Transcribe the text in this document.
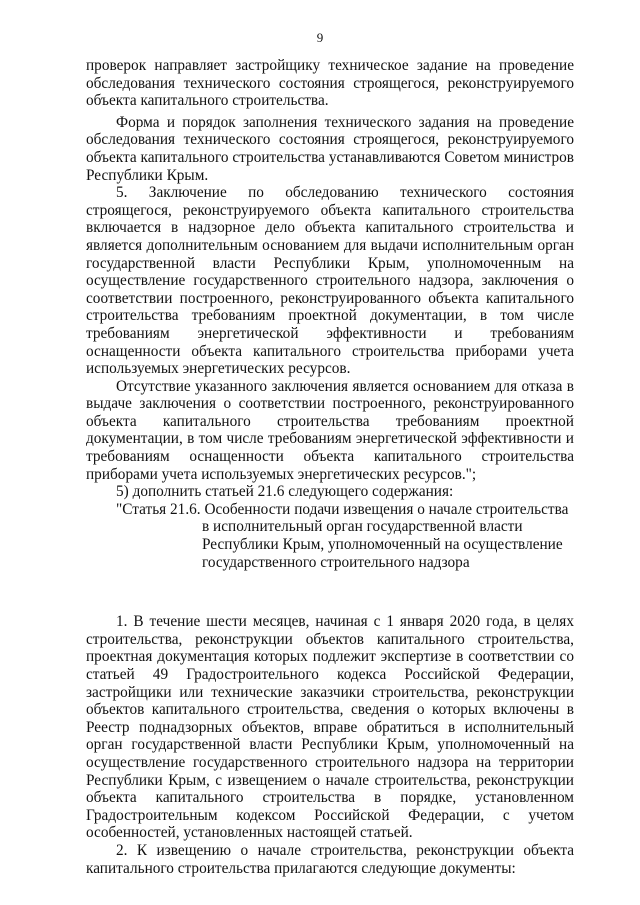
9

проверок направляет застройщику техническое задание на проведение обследования технического состояния строящегося, реконструируемого объекта капитального строительства.

Форма и порядок заполнения технического задания на проведение обследования технического состояния строящегося, реконструируемого объекта капитального строительства устанавливаются Советом министров Республики Крым.

5. Заключение по обследованию технического состояния строящегося, реконструируемого объекта капитального строительства включается в надзорное дело объекта капитального строительства и является дополнительным основанием для выдачи исполнительным орган государственной власти Республики Крым, уполномоченным на осуществление государственного строительного надзора, заключения о соответствии построенного, реконструированного объекта капитального строительства требованиям проектной документации, в том числе требованиям энергетической эффективности и требованиям оснащенности объекта капитального строительства приборами учета используемых энергетических ресурсов.

Отсутствие указанного заключения является основанием для отказа в выдаче заключения о соответствии построенного, реконструированного объекта капитального строительства требованиям проектной документации, в том числе требованиям энергетической эффективности и требованиям оснащенности объекта капитального строительства приборами учета используемых энергетических ресурсов.";

5) дополнить статьей 21.6 следующего содержания:

"Статья 21.6. Особенности подачи извещения о начале строительства
в исполнительный орган государственной власти
Республики Крым, уполномоченный на осуществление
государственного строительного надзора

1. В течение шести месяцев, начиная с 1 января 2020 года, в целях строительства, реконструкции объектов капитального строительства, проектная документация которых подлежит экспертизе в соответствии со статьей 49 Градостроительного кодекса Российской Федерации, застройщики или технические заказчики строительства, реконструкции объектов капитального строительства, сведения о которых включены в Реестр поднадзорных объектов, вправе обратиться в исполнительный орган государственной власти Республики Крым, уполномоченный на осуществление государственного строительного надзора на территории Республики Крым, с извещением о начале строительства, реконструкции объекта капитального строительства в порядке, установленном Градостроительным кодексом Российской Федерации, с учетом особенностей, установленных настоящей статьей.

2. К извещению о начале строительства, реконструкции объекта капитального строительства прилагаются следующие документы:
